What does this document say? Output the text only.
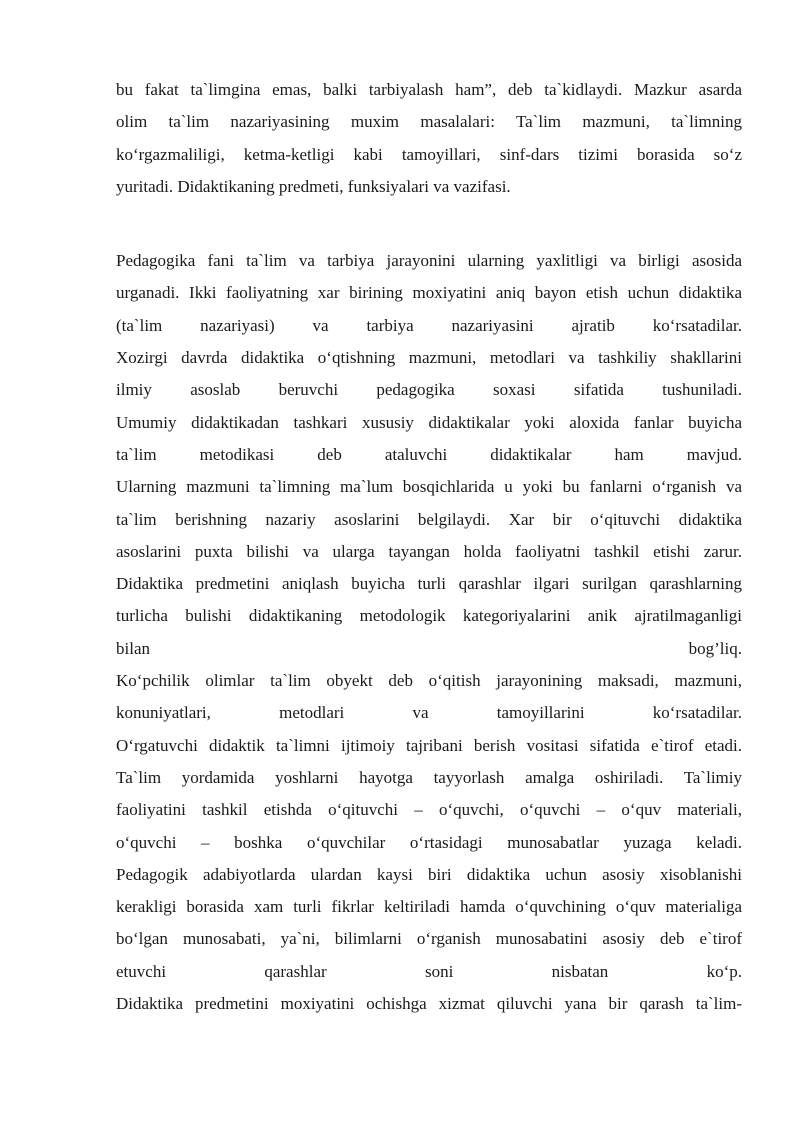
bu fakat ta`limgina emas, balki tarbiyalash ham”, deb ta`kidlaydi. Mazkur asarda
olim ta`lim nazariyasining muxim masalalari: Ta`lim mazmuni, ta`limning
koʻrgazmaliligi, ketma-ketligi kabi tamoyillari, sinf-dars tizimi borasida soʻz
yuritadi. Didaktikaning predmeti, funksiyalari va vazifasi.
Pedagogika fani ta`lim va tarbiya jarayonini ularning yaxlitligi va birligi asosida
urganadi. Ikki faoliyatning xar birining moxiyatini aniq bayon etish uchun didaktika
(ta`lim nazariyasi) va tarbiya nazariyasini ajratib koʻrsatadilar.
Xozirgi davrda didaktika oʻqtishning mazmuni, metodlari va tashkiliy shakllarini
ilmiy asoslab beruvchi pedagogika soxasi sifatida tushuniladi.
Umumiy didaktikadan tashkari xususiy didaktikalar yoki aloxida fanlar buyicha
ta`lim metodikasi deb ataluvchi didaktikalar ham mavjud.
Ularning mazmuni ta`limning ma`lum bosqichlarida u yoki bu fanlarni oʻrganish va
ta`lim berishning nazariy asoslarini belgilaydi. Xar bir oʻqituvchi didaktika
asoslarini puxta bilishi va ularga tayangan holda faoliyatni tashkil etishi zarur.
Didaktika predmetini aniqlash buyicha turli qarashlar ilgari surilgan qarashlarning
turlicha bulishi didaktikaning metodologik kategoriyalarini anik ajratilmaganligi
bilan bog’liq.
Koʻpchilik olimlar ta`lim obyekt deb oʻqitish jarayonining maksadi, mazmuni,
konuniyatlari, metodlari va tamoyillarini koʻrsatadilar.
Oʻrgatuvchi didaktik ta`limni ijtimoiy tajribani berish vositasi sifatida e`tirof etadi.
Ta`lim yordamida yoshlarni hayotga tayyorlash amalga oshiriladi. Ta`limiy
faoliyatini tashkil etishda oʻqituvchi – oʻquvchi, oʻquvchi – oʻquv materiali,
oʻquvchi – boshka oʻquvchilar oʻrtasidagi munosabatlar yuzaga keladi.
Pedagogik adabiyotlarda ulardan kaysi biri didaktika uchun asosiy xisoblanishi
kerakligi borasida xam turli fikrlar keltiriladi hamda oʻquvchining oʻquv materialiga
boʻlgan munosabati, ya`ni, bilimlarni oʻrganish munosabatini asosiy deb e`tirof
etuvchi qarashlar soni nisbatan koʻp.
Didaktika predmetini moxiyatini ochishga xizmat qiluvchi yana bir qarash ta`lim-
